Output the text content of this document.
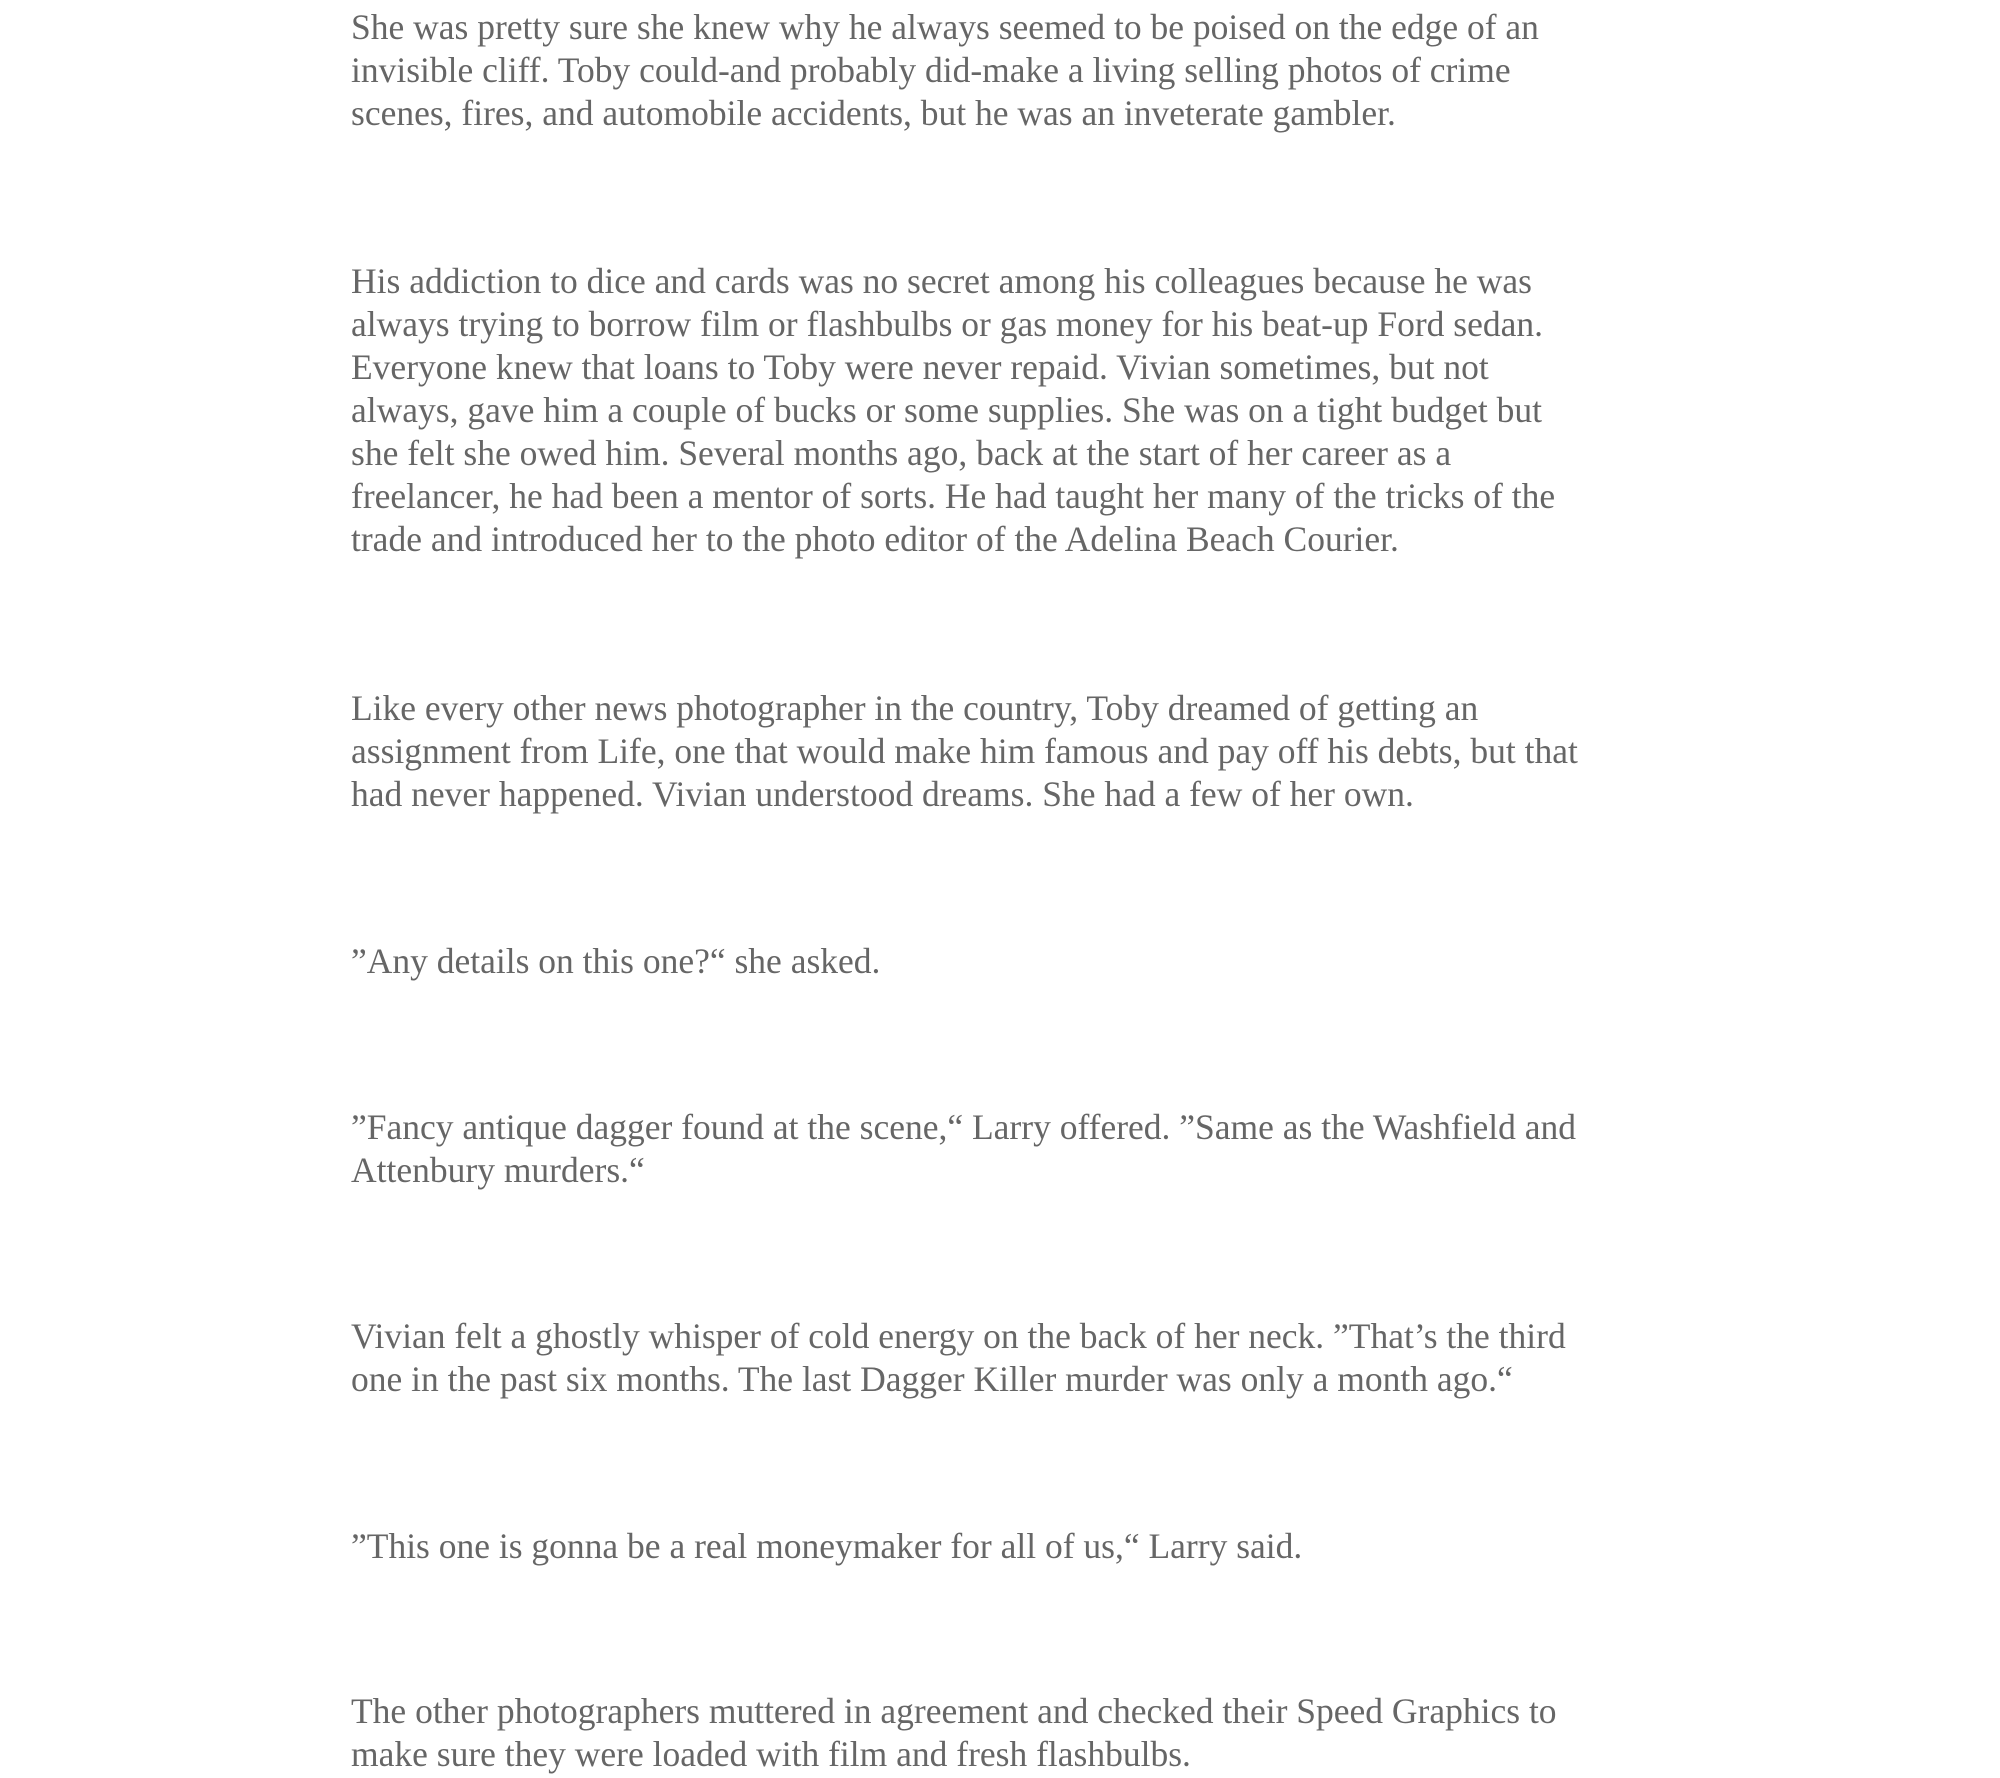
She was pretty sure she knew why he always seemed to be poised on the edge of an
invisible cliff. Toby could-and probably did-make a living selling photos of crime
scenes, fires, and automobile accidents, but he was an inveterate gambler.

His addiction to dice and cards was no secret among his colleagues because he was
always trying to borrow film or flashbulbs or gas money for his beat-up Ford sedan.
Everyone knew that loans to Toby were never repaid. Vivian sometimes, but not
always, gave him a couple of bucks or some supplies. She was on a tight budget but
she felt she owed him. Several months ago, back at the start of her career as a
freelancer, he had been a mentor of sorts. He had taught her many of the tricks of the
trade and introduced her to the photo editor of the Adelina Beach Courier.

Like every other news photographer in the country, Toby dreamed of getting an
assignment from Life, one that would make him famous and pay off his debts, but that
had never happened. Vivian understood dreams. She had a few of her own.

”Any details on this one?“ she asked.

”Fancy antique dagger found at the scene,“ Larry offered. ”Same as the Washfield and
Attenbury murders.“

Vivian felt a ghostly whisper of cold energy on the back of her neck. ”That’s the third
one in the past six months. The last Dagger Killer murder was only a month ago.“

”This one is gonna be a real moneymaker for all of us,“ Larry said.

The other photographers muttered in agreement and checked their Speed Graphics to
make sure they were loaded with film and fresh flashbulbs.
